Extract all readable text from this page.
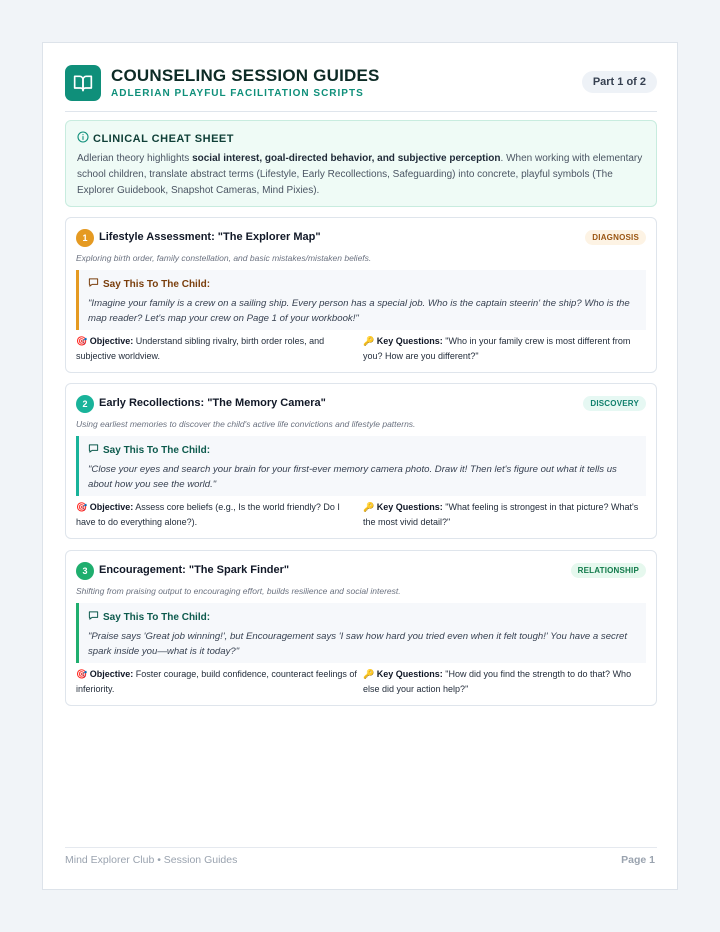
COUNSELING SESSION GUIDES
ADLERIAN PLAYFUL FACILITATION SCRIPTS
Part 1 of 2
CLINICAL CHEAT SHEET
Adlerian theory highlights social interest, goal-directed behavior, and subjective perception. When working with elementary school children, translate abstract terms (Lifestyle, Early Recollections, Safeguarding) into concrete, playful symbols (The Explorer Guidebook, Snapshot Cameras, Mind Pixies).
1	Lifestyle Assessment: "The Explorer Map"	DIAGNOSIS
Exploring birth order, family constellation, and basic mistakes/mistaken beliefs.
Say This To The Child:
"Imagine your family is a crew on a sailing ship. Every person has a special job. Who is the captain steerin' the ship? Who is the map reader? Let's map your crew on Page 1 of your workbook!"
🎯 Objective: Understand sibling rivalry, birth order roles, and subjective worldview.
🔑 Key Questions: "Who in your family crew is most different from you? How are you different?"
2	Early Recollections: "The Memory Camera"	DISCOVERY
Using earliest memories to discover the child's active life convictions and lifestyle patterns.
Say This To The Child:
"Close your eyes and search your brain for your first-ever memory camera photo. Draw it! Then let's figure out what it tells us about how you see the world."
🎯 Objective: Assess core beliefs (e.g., Is the world friendly? Do I have to do everything alone?).
🔑 Key Questions: "What feeling is strongest in that picture? What's the most vivid detail?"
3	Encouragement: "The Spark Finder"	RELATIONSHIP
Shifting from praising output to encouraging effort, builds resilience and social interest.
Say This To The Child:
"Praise says 'Great job winning!', but Encouragement says 'I saw how hard you tried even when it felt tough!' You have a secret spark inside you—what is it today?"
🎯 Objective: Foster courage, build confidence, counteract feelings of inferiority.
🔑 Key Questions: "How did you find the strength to do that? Who else did your action help?"
Mind Explorer Club • Session Guides	Page 1
